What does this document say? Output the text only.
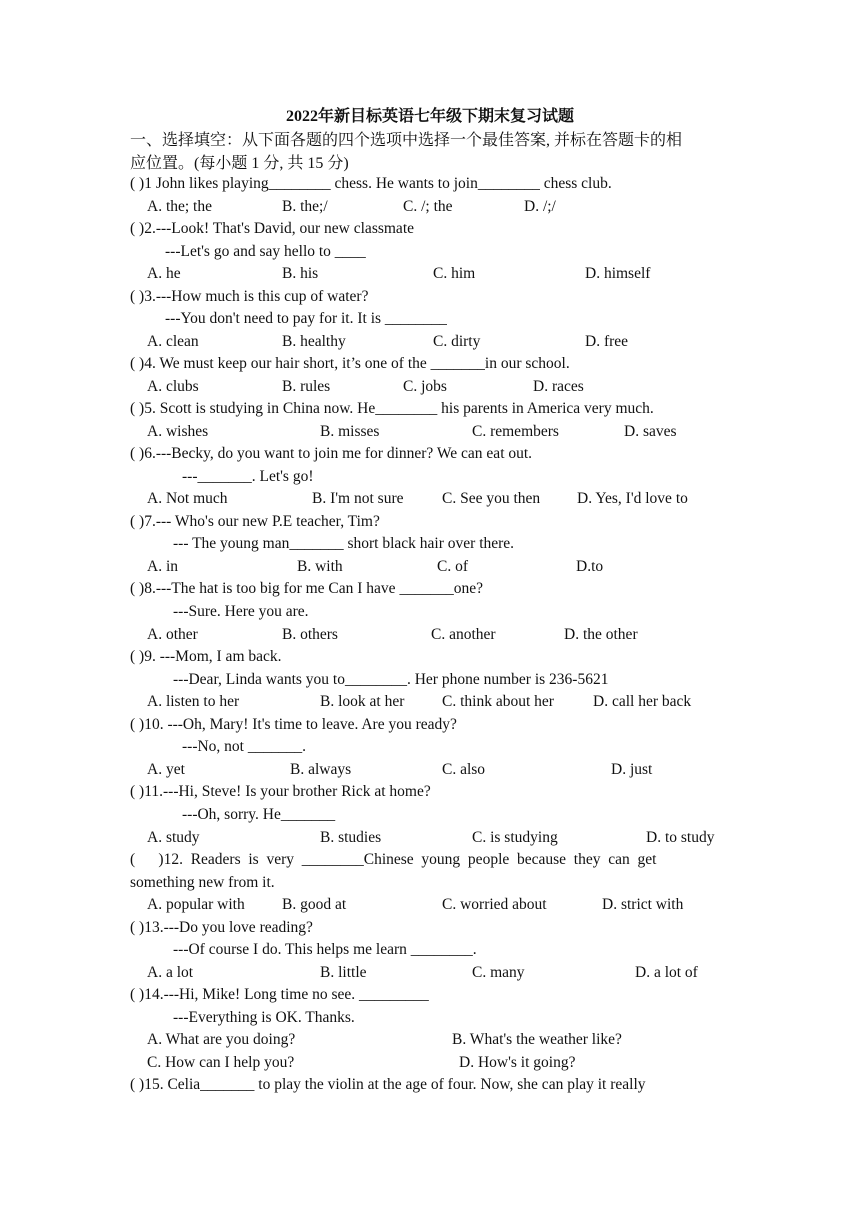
2022年新目标英语七年级下期末复习试题
一、选择填空：从下面各题的四个选项中选择一个最佳答案, 并标在答题卡的相
应位置。(每小题 1 分, 共 15 分)
( )1 John likes playing________ chess. He wants to join________ chess club.
A. the; the	B. the;/	C. /; the	D. /;/
( )2.---Look! That's David, our new classmate
---Let's go and say hello to ____
A. he	B. his	C. him	D. himself
( )3.---How much is this cup of water?
---You don't need to pay for it. It is ________
A. clean	B. healthy	C. dirty	D. free
( )4. We must keep our hair short, it’s one of the _______in our school.
A. clubs	B. rules	C. jobs	D. races
( )5. Scott is studying in China now. He________ his parents in America very much.
A. wishes	B. misses	C. remembers	D. saves
( )6.---Becky, do you want to join me for dinner? We can eat out.
---_______. Let's go!
A. Not much	B. I'm not sure C. See you then D. Yes, I'd love to
( )7.--- Who's our new P.E teacher, Tim?
--- The young man_______ short black hair over there.
A. in	B. with	C. of	D.to
( )8.---The hat is too big for me Can I have _______one?
---Sure. Here you are.
A. other	B. others	C. another	D. the other
( )9. ---Mom, I am back.
---Dear, Linda wants you to________. Her phone number is 236-5621
A. listen to her	B. look at her C. think about her	D. call her back
( )10. ---Oh, Mary! It's time to leave. Are you ready?
---No, not _______.
A. yet	B. always	C. also	D. just
( )11.---Hi, Steve! Is your brother Rick at home?
---Oh, sorry. He_______
A. study	B. studies	C. is studying	D. to study
(      )12.  Readers  is  very  ________Chinese  young  people  because  they  can  get
something new from it.
A. popular with B. good at	C. worried about	D. strict with
( )13.---Do you love reading?
---Of course I do. This helps me learn ________.
A. a lot	B. little	C. many	D. a lot of
( )14.---Hi, Mike! Long time no see. _________
---Everything is OK. Thanks.
A. What are you doing?	B. What's the weather like?
C. How can I help you?	D. How's it going?
( )15. Celia_______ to play the violin at the age of four. Now, she can play it really
